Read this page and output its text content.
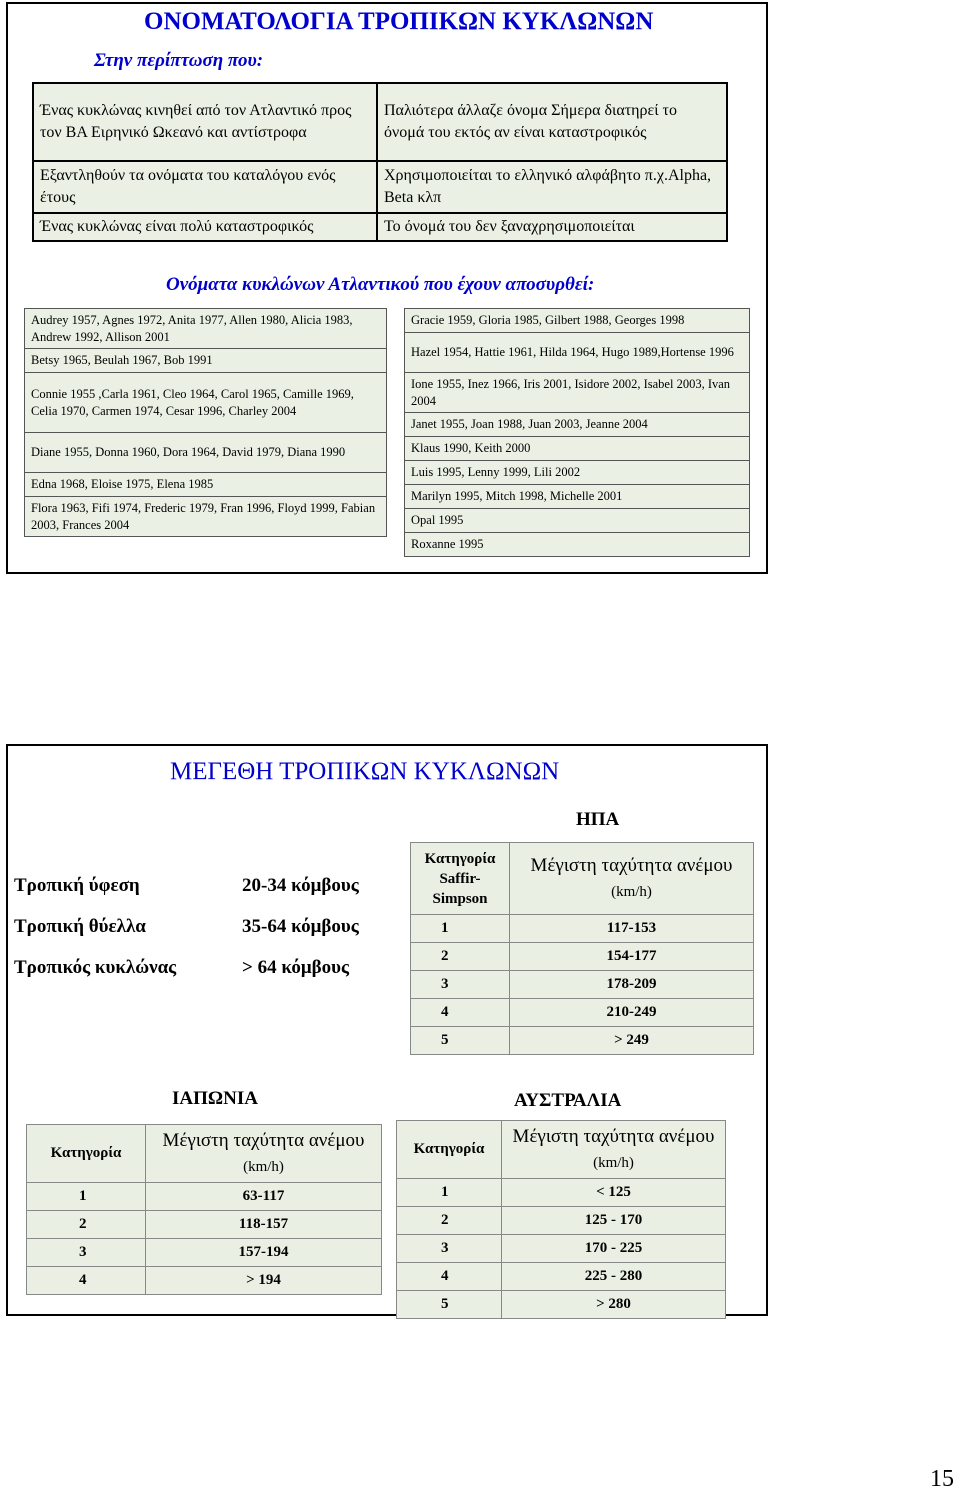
ΟΝΟΜΑΤΟΛΟΓΙΑ ΤΡΟΠΙΚΩΝ ΚΥΚΛΩΝΩΝ
Στην περίπτωση που:
Ένας κυκλώνας κινηθεί από τον Ατλαντικό προς τον ΒΑ Ειρηνικό Ωκεανό και αντίστροφα	Παλιότερα άλλαζε όνομα Σήμερα διατηρεί το όνομά του εκτός αν είναι καταστροφικός
Εξαντληθούν τα ονόματα του καταλόγου ενός έτους	Χρησιμοποιείται το ελληνικό αλφάβητο π.χ.Alpha, Beta κλπ
Ένας κυκλώνας είναι πολύ καταστροφικός	Το όνομά του δεν ξαναχρησιμοποιείται
Ονόματα κυκλώνων Ατλαντικού που έχουν αποσυρθεί:
Audrey 1957, Agnes 1972, Anita 1977, Allen 1980, Alicia 1983, Andrew 1992, Allison 2001
Betsy 1965, Beulah 1967, Bob 1991
Connie 1955 ,Carla 1961, Cleo 1964, Carol 1965, Camille 1969, Celia 1970, Carmen 1974, Cesar 1996, Charley 2004
Diane 1955, Donna 1960, Dora 1964, David 1979, Diana 1990
Edna 1968, Eloise 1975, Elena 1985
Flora 1963, Fifi 1974, Frederic 1979, Fran 1996, Floyd 1999, Fabian 2003, Frances 2004
Gracie 1959, Gloria 1985, Gilbert 1988, Georges 1998
Hazel 1954, Hattie 1961, Hilda 1964, Hugo 1989,Hortense 1996
Ione 1955, Inez 1966, Iris 2001, Isidore 2002, Isabel 2003, Ivan 2004
Janet 1955, Joan 1988, Juan 2003, Jeanne 2004
Klaus 1990, Keith 2000
Luis 1995, Lenny 1999, Lili 2002
Marilyn 1995, Mitch 1998, Michelle 2001
Opal 1995
Roxanne 1995
ΜΕΓΕΘΗ ΤΡΟΠΙΚΩΝ ΚΥΚΛΩΝΩΝ
Τροπική ύφεση	20-34 κόμβους
Τροπική θύελλα	35-64 κόμβους
Τροπικός κυκλώνας	> 64 κόμβους
ΗΠΑ
Κατηγορία Saffir-Simpson	Μέγιστη ταχύτητα ανέμου (km/h)
1	117-153
2	154-177
3	178-209
4	210-249
5	> 249
ΙΑΠΩΝΙΑ
Κατηγορία	Μέγιστη ταχύτητα ανέμου
(km/h)
1	63-117
2	118-157
3	157-194
4	> 194
ΑΥΣΤΡΑΛΙΑ
Κατηγορία	Μέγιστη ταχύτητα ανέμου (km/h)
1	< 125
2	125 - 170
3	170 - 225
4	225 - 280
5	> 280
15
